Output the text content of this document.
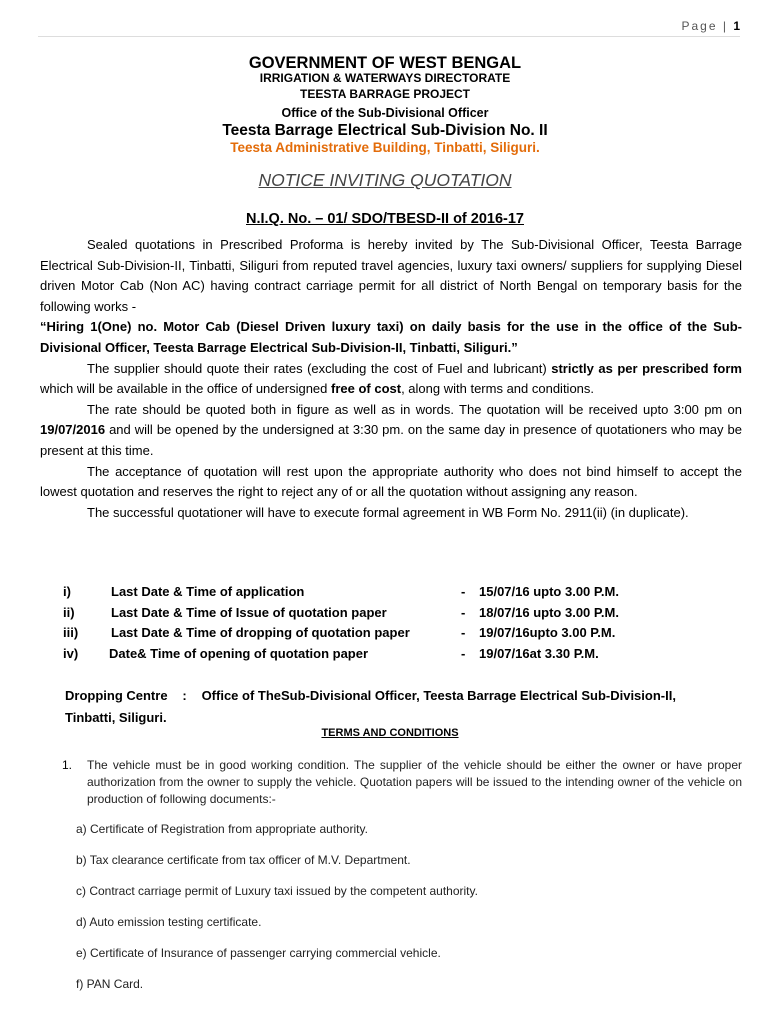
Page | 1
GOVERNMENT OF WEST BENGAL
IRRIGATION & WATERWAYS DIRECTORATE
TEESTA BARRAGE PROJECT
Office of the Sub-Divisional Officer
Teesta Barrage Electrical Sub-Division No. II
Teesta Administrative Building, Tinbatti, Siliguri.
NOTICE INVITING QUOTATION
N.I.Q. No. – 01/ SDO/TBESD-II of 2016-17

Sealed quotations in Prescribed Proforma is hereby invited by The Sub-Divisional Officer, Teesta Barrage Electrical Sub-Division-II, Tinbatti, Siliguri from reputed travel agencies, luxury taxi owners/ suppliers for supplying Diesel driven Motor Cab (Non AC) having contract carriage permit for all district of North Bengal on temporary basis for the following works -

“Hiring 1(One) no. Motor Cab (Diesel Driven luxury taxi) on daily basis for the use in the office of the Sub-Divisional Officer, Teesta Barrage Electrical Sub-Division-II, Tinbatti, Siliguri.”

The supplier should quote their rates (excluding the cost of Fuel and lubricant) strictly as per prescribed form which will be available in the office of undersigned free of cost, along with terms and conditions.

The rate should be quoted both in figure as well as in words. The quotation will be received upto 3:00 pm on 19/07/2016 and will be opened by the undersigned at 3:30 pm. on the same day in presence of quotationers who may be present at this time.

The acceptance of quotation will rest upon the appropriate authority who does not bind himself to accept the lowest quotation and reserves the right to reject any of or all the quotation without assigning any reason.

The successful quotationer will have to execute formal agreement in WB Form No. 2911(ii) (in duplicate).

i)	Last Date & Time of application	- 15/07/16 upto 3.00 P.M.
ii)	Last Date & Time of Issue of quotation paper	- 18/07/16 upto 3.00 P.M.
iii)	Last Date & Time of dropping of quotation paper	- 19/07/16upto 3.00 P.M.
iv) Date& Time of opening of quotation paper	- 19/07/16at 3.30 P.M.
Dropping Centre : Office of TheSub-Divisional Officer, Teesta Barrage Electrical Sub-Division-II,
Tinbatti, Siliguri.
TERMS AND CONDITIONS
1. The vehicle must be in good working condition. The supplier of the vehicle should be either the owner or have proper authorization from the owner to supply the vehicle. Quotation papers will be issued to the intending owner of the vehicle on production of following documents:-
a) Certificate of Registration from appropriate authority.
b) Tax clearance certificate from tax officer of M.V. Department.
c) Contract carriage permit of Luxury taxi issued by the competent authority.
d) Auto emission testing certificate.
e) Certificate of Insurance of passenger carrying commercial vehicle.
f) PAN Card.
